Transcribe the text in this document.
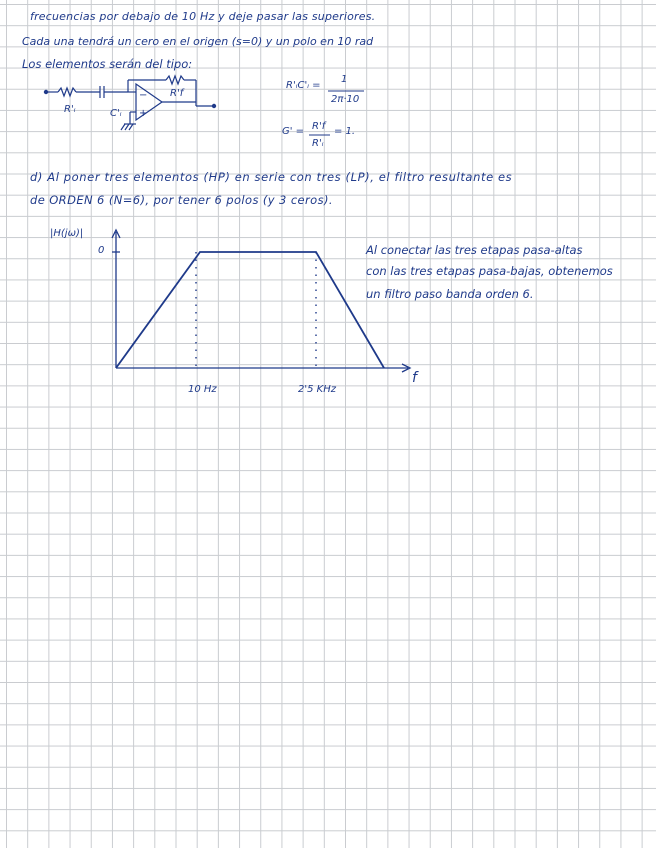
frecuencias por debajo de 10 Hz y deje pasar las superiores.
Cada una tendrá un cero en el origen (s=0) y un polo en 10 rad
Los elementos serán del tipo:
R'ᵢ	C'ᵢ
R'f
−
+
R'ᵢC'ᵢ =
1
2π·10
G' = R'f
R'ᵢ
= 1.
d) Al poner tres elementos (HP) en serie con tres (LP), el filtro resultante es
de ORDEN 6 (N=6), por tener 6 polos (y 3 ceros).
|H(jω)|
0
10 Hz	2'5 KHz
f
Al conectar las tres etapas pasa-altas
con las tres etapas pasa-bajas, obtenemos
un filtro paso banda orden 6.
